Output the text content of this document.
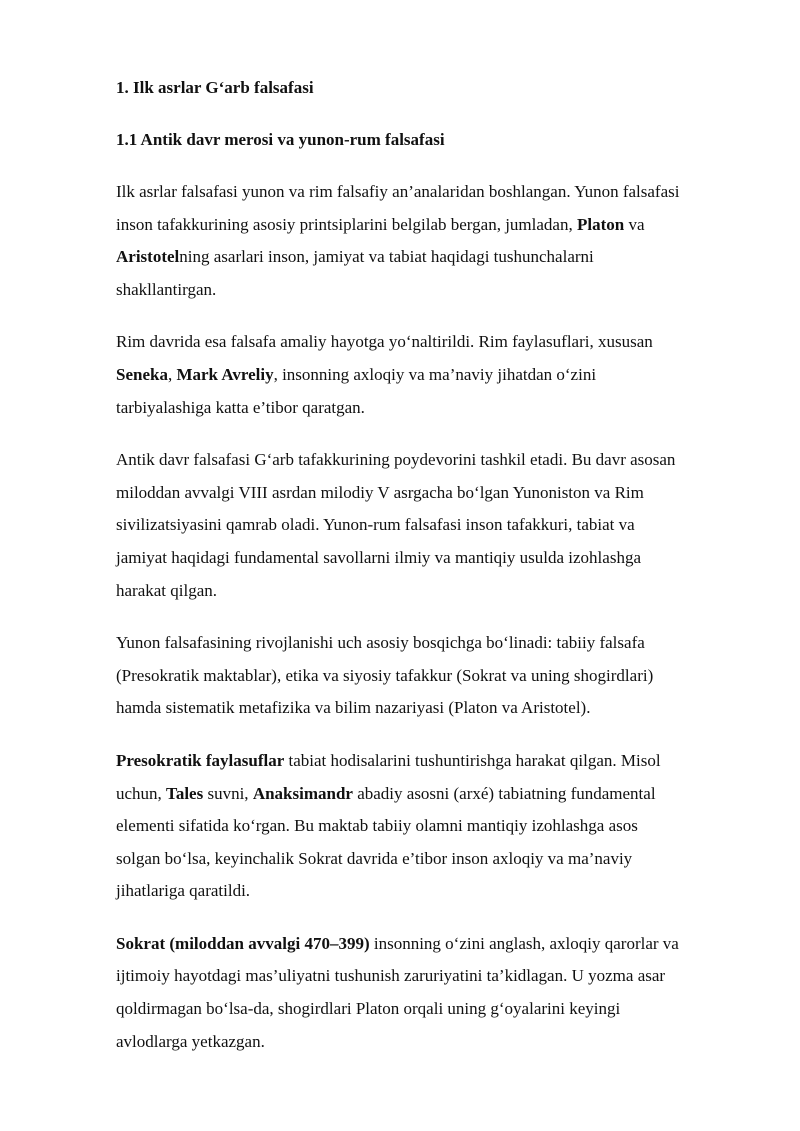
1. Ilk asrlar G‘arb falsafasi
1.1 Antik davr merosi va yunon-rum falsafasi

Ilk asrlar falsafasi yunon va rim falsafiy an’analaridan boshlangan. Yunon falsafasi
inson tafakkurining asosiy printsiplarini belgilab bergan, jumladan, Platon va
Aristotelning asarlari inson, jamiyat va tabiat haqidagi tushunchalarni
shakllantirgan.

Rim davrida esa falsafa amaliy hayotga yo‘naltirildi. Rim faylasuflari, xususan
Seneka, Mark Avreliy, insonning axloqiy va ma’naviy jihatdan o‘zini
tarbiyalashiga katta e’tibor qaratgan.

Antik davr falsafasi G‘arb tafakkurining poydevorini tashkil etadi. Bu davr asosan
miloddan avvalgi VIII asrdan milodiy V asrgacha bo‘lgan Yunoniston va Rim
sivilizatsiyasini qamrab oladi. Yunon-rum falsafasi inson tafakkuri, tabiat va
jamiyat haqidagi fundamental savollarni ilmiy va mantiqiy usulda izohlashga
harakat qilgan.

Yunon falsafasining rivojlanishi uch asosiy bosqichga bo‘linadi: tabiiy falsafa
(Presokratik maktablar), etika va siyosiy tafakkur (Sokrat va uning shogirdlari)
hamda sistematik metafizika va bilim nazariyasi (Platon va Aristotel).

Presokratik faylasuflar tabiat hodisalarini tushuntirishga harakat qilgan. Misol
uchun, Tales suvni, Anaksimandr abadiy asosni (arxé) tabiatning fundamental
elementi sifatida ko‘rgan. Bu maktab tabiiy olamni mantiqiy izohlashga asos
solgan bo‘lsa, keyinchalik Sokrat davrida e’tibor inson axloqiy va ma’naviy
jihatlariga qaratildi.

Sokrat (miloddan avvalgi 470–399) insonning o‘zini anglash, axloqiy qarorlar va
ijtimoiy hayotdagi mas’uliyatni tushunish zaruriyatini ta’kidlagan. U yozma asar
qoldirmagan bo‘lsa-da, shogirdlari Platon orqali uning g‘oyalarini keyingi
avlodlarga yetkazgan.
